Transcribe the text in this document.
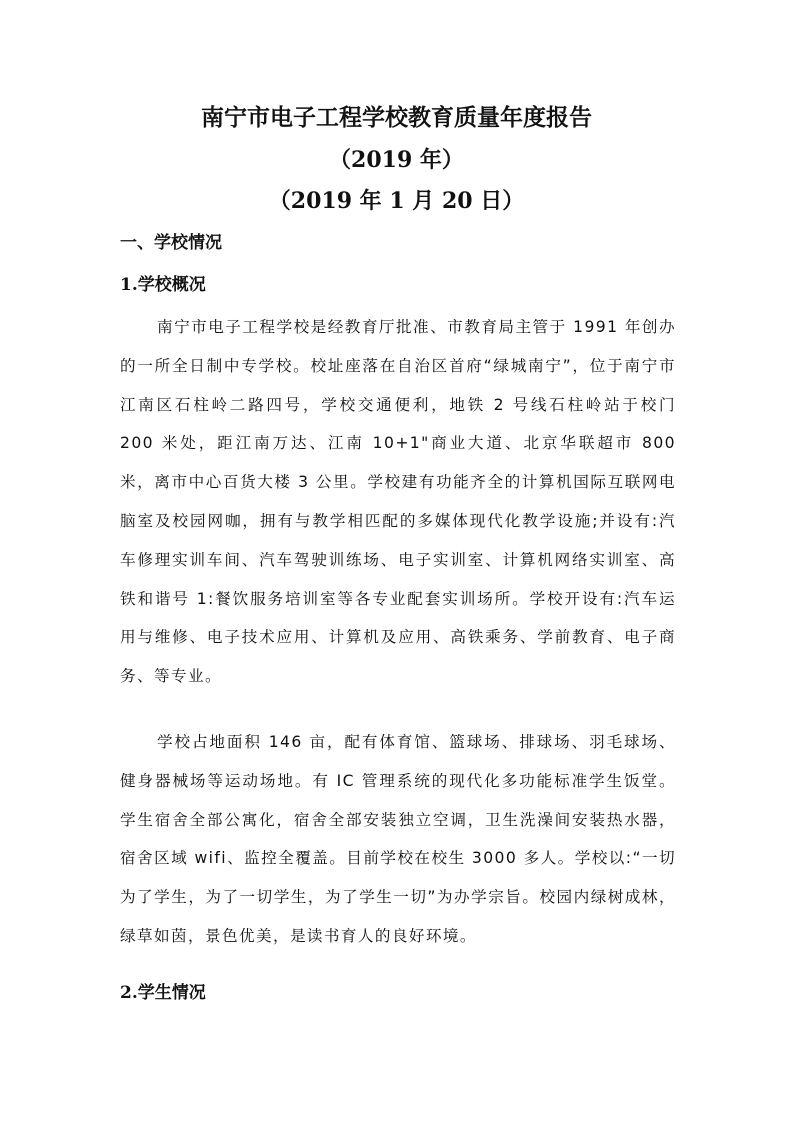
南宁市电子工程学校教育质量年度报告
（2019 年）
（2019 年 1 月 20 日）
一、学校情况
1.学校概况

南宁市电子工程学校是经教育厅批准、市教育局主管于 1991 年创办的一所全日制中专学校。校址座落在自治区首府“绿城南宁”，位于南宁市江南区石柱岭二路四号，学校交通便利，地铁 2 号线石柱岭站于校门 200 米处，距江南万达、江南 10+1"商业大道、北京华联超市 800 米，离市中心百货大楼 3 公里。学校建有功能齐全的计算机国际互联网电脑室及校园网咖，拥有与教学相匹配的多媒体现代化教学设施;并设有:汽车修理实训车间、汽车驾驶训练场、电子实训室、计算机网络实训室、高铁和谐号 1:餐饮服务培训室等各专业配套实训场所。学校开设有:汽车运用与维修、电子技术应用、计算机及应用、高铁乘务、学前教育、电子商务、等专业。

学校占地面积 146 亩，配有体育馆、篮球场、排球场、羽毛球场、健身器械场等运动场地。有 IC 管理系统的现代化多功能标准学生饭堂。学生宿舍全部公寓化，宿舍全部安装独立空调，卫生洗澡间安装热水器，宿舍区域 wifi、监控全覆盖。目前学校在校生 3000 多人。学校以:“一切为了学生，为了一切学生，为了学生一切”为办学宗旨。校园内绿树成林，绿草如茵，景色优美，是读书育人的良好环境。

2.学生情况
